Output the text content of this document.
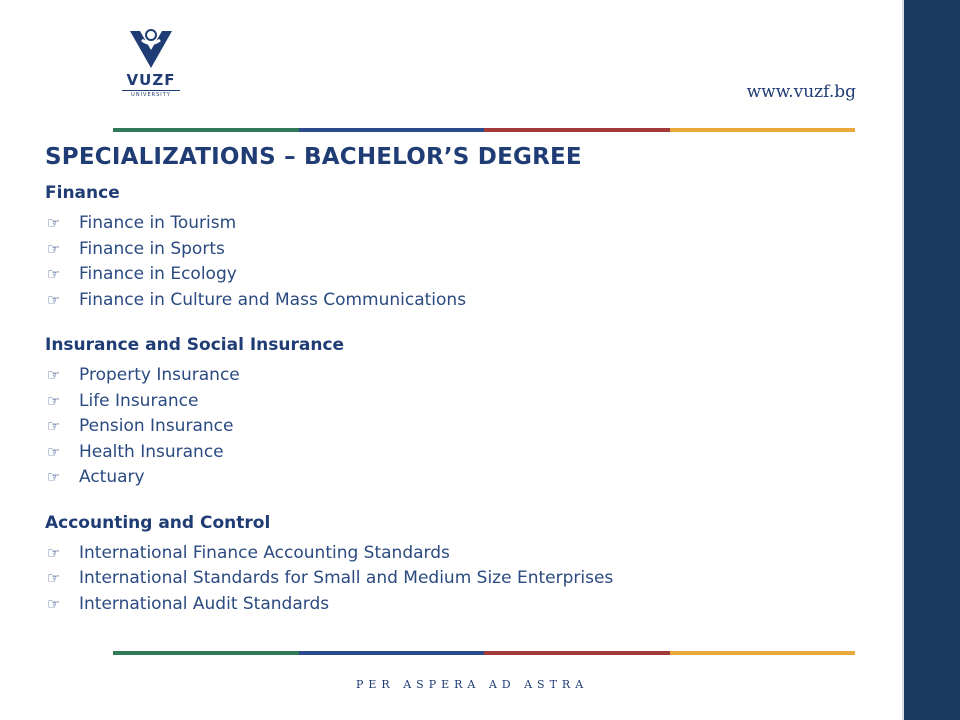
VUZF
UNIVERSITY	www.vuzf.bg
SPECIALIZATIONS – BACHELOR’S DEGREE
Finance
☞	Finance in Tourism
☞	Finance in Sports
☞	Finance in Ecology
☞	Finance in Culture and Mass Communications
Insurance and Social Insurance
☞	Property Insurance
☞	Life Insurance
☞	Pension Insurance
☞	Health Insurance
☞	Actuary
Accounting and Control
☞	International Finance Accounting Standards
☞	International Standards for Small and Medium Size Enterprises
☞	International Audit Standards
PER ASPERA AD ASTRA
